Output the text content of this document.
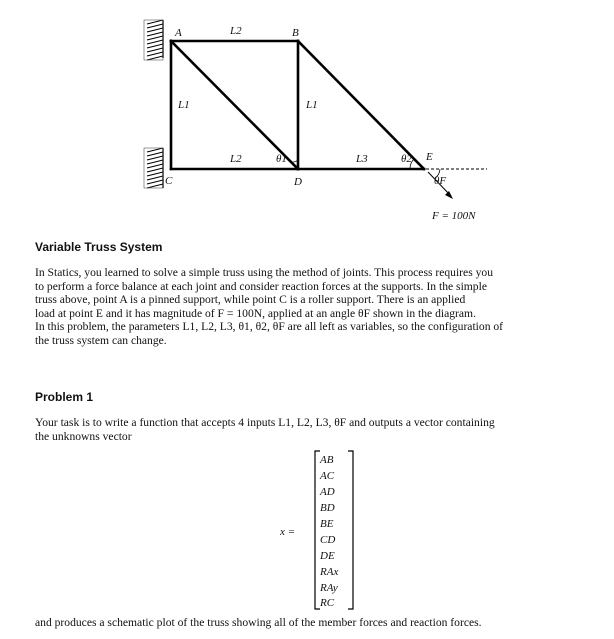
A	B
C	D
E
L2
L1	L1
L2	L3
θ1	θ2
θF
F = 100N
Variable Truss System

In Statics, you learned to solve a simple truss using the method of joints. This process requires you
to perform a force balance at each joint and consider reaction forces at the supports. In the simple
truss above, point A is a pinned support, while point C is a roller support. There is an applied
load at point E and it has magnitude of F = 100N, applied at an angle θF shown in the diagram.
In this problem, the parameters L1, L2, L3, θ1, θ2, θF are all left as variables, so the configuration of
the truss system can change.

Problem 1

Your task is to write a function that accepts 4 inputs L1, L2, L3, θF and outputs a vector containing
the unknowns vector

x =
AB
AC
AD
BD
BE
CD
DE
RAx
RAy
RC

and produces a schematic plot of the truss showing all of the member forces and reaction forces.
